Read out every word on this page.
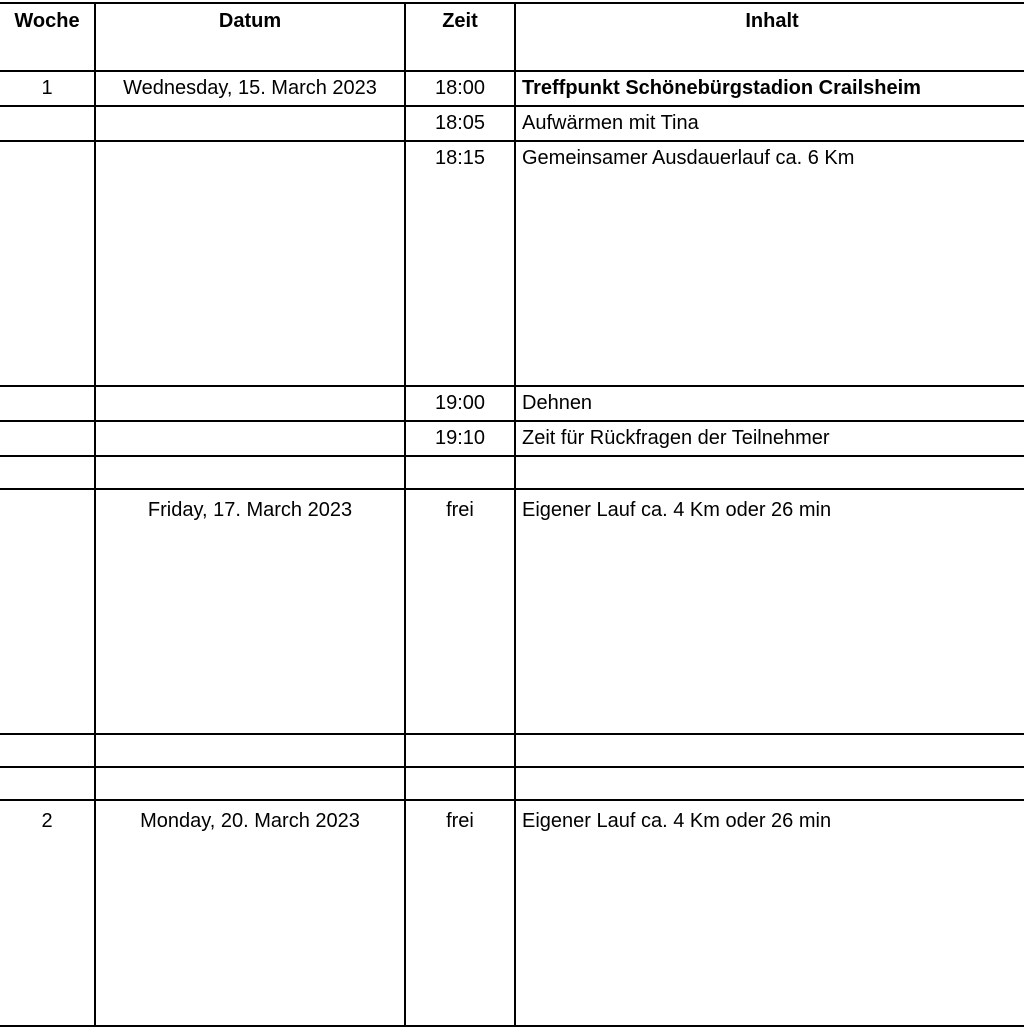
Woche	Datum	Zeit	Inhalt
1	Wednesday, 15. March 2023	18:00	Treffpunkt Schönebürgstadion Crailsheim
		18:05	Aufwärmen mit Tina
		18:15	Gemeinsamer Ausdauerlauf ca. 6 Km
		19:00	Dehnen
		19:10	Zeit für Rückfragen der Teilnehmer

	Friday, 17. March 2023	frei	Eigener Lauf ca. 4 Km oder 26 min

2	Monday, 20. March 2023	frei	Eigener Lauf ca. 4 Km oder 26 min
